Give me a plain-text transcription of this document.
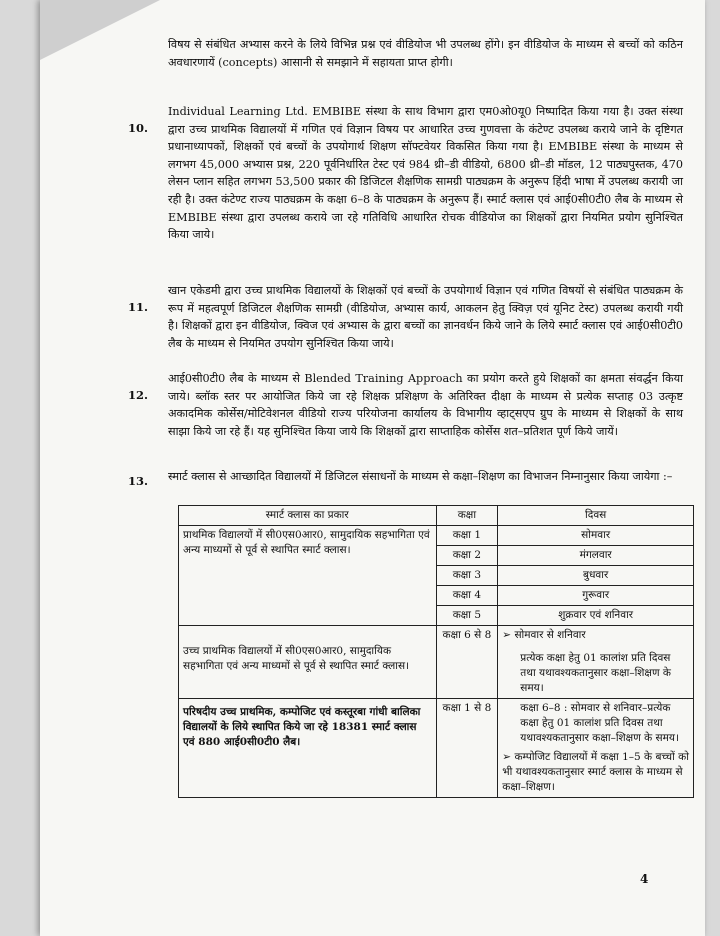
विषय से संबंधित अभ्यास करने के लिये विभिन्न प्रश्न एवं वीडियोज भी उपलब्ध होंगे। इन वीडियोज के माध्यम से बच्चों को कठिन अवधारणायें (concepts) आसानी से समझाने में सहायता प्राप्त होगी।

10.

Individual Learning Ltd. EMBIBE संस्था के साथ विभाग द्वारा एम0ओ0यू0 निष्पादित किया गया है। उक्त संस्था द्वारा उच्च प्राथमिक विद्यालयों में गणित एवं विज्ञान विषय पर आधारित उच्च गुणवत्ता के कंटेण्ट उपलब्ध कराये जाने के दृष्टिगत प्रधानाध्यापकों, शिक्षकों एवं बच्चों के उपयोगार्थ शिक्षण सॉफ्टवेयर विकसित किया गया है। EMBIBE संस्था के माध्यम से लगभग 45,000 अभ्यास प्रश्न, 220 पूर्वनिर्धारित टेस्ट एवं 984 थ्री–डी वीडियो, 6800 थ्री–डी मॉडल, 12 पाठ्यपुस्तक, 470 लेसन प्लान सहित लगभग 53,500 प्रकार की डिजिटल शैक्षणिक सामग्री पाठ्यक्रम के अनुरूप हिंदी भाषा में उपलब्ध करायी जा रही है। उक्त कंटेण्ट राज्य पाठ्यक्रम के कक्षा 6–8 के पाठ्यक्रम के अनुरूप हैं। स्मार्ट क्लास एवं आई0सी0टी0 लैब के माध्यम से EMBIBE संस्था द्वारा उपलब्ध कराये जा रहे गतिविधि आधारित रोचक वीडियोज का शिक्षकों द्वारा नियमित प्रयोग सुनिश्चित किया जाये।

11.

खान एकेडमी द्वारा उच्च प्राथमिक विद्यालयों के शिक्षकों एवं बच्चों के उपयोगार्थ विज्ञान एवं गणित विषयों से संबंधित पाठ्यक्रम के रूप में महत्वपूर्ण डिजिटल शैक्षणिक सामग्री (वीडियोज, अभ्यास कार्य, आकलन हेतु क्विज़ एवं यूनिट टेस्ट) उपलब्ध करायी गयी है। शिक्षकों द्वारा इन वीडियोज, क्विज एवं अभ्यास के द्वारा बच्चों का ज्ञानवर्धन किये जाने के लिये स्मार्ट क्लास एवं आई0सी0टी0 लैब के माध्यम से नियमित उपयोग सुनिश्चित किया जाये।

12.

आई0सी0टी0 लैब के माध्यम से Blended Training Approach का प्रयोग करते हुये शिक्षकों का क्षमता संवर्द्धन किया जाये। ब्लॉक स्तर पर आयोजित किये जा रहे शिक्षक प्रशिक्षण के अतिरिक्त दीक्षा के माध्यम से प्रत्येक सप्ताह 03 उत्कृष्ट अकादमिक कोर्सेस/मोटिवेशनल वीडियो राज्य परियोजना कार्यालय के विभागीय व्हाट्सएप ग्रुप के माध्यम से शिक्षकों के साथ साझा किये जा रहे हैं। यह सुनिश्चित किया जाये कि शिक्षकों द्वारा साप्ताहिक कोर्सेस शत–प्रतिशत पूर्ण किये जायें।

13. स्मार्ट क्लास से आच्छादित विद्यालयों में डिजिटल संसाधनों के माध्यम से कक्षा–शिक्षण का विभाजन निम्नानुसार किया जायेगा :–

स्मार्ट क्लास का प्रकार	कक्षा	दिवस
प्राथमिक विद्यालयों में सी0एस0आर0, सामुदायिक सहभागिता एवं अन्य माध्यमों से पूर्व से स्थापित स्मार्ट क्लास।	कक्षा 1	सोमवार
	कक्षा 2	मंगलवार
	कक्षा 3	बुधवार
	कक्षा 4	गुरूवार
	कक्षा 5	शुक्रवार एवं शनिवार
उच्च प्राथमिक विद्यालयों में सी0एस0आर0, सामुदायिक सहभागिता एवं अन्य माध्यमों से पूर्व से स्थापित स्मार्ट क्लास।	कक्षा 6 से 8	➢ सोमवार से शनिवार
प्रत्येक कक्षा हेतु 01 कालांश प्रति दिवस तथा यथावश्यकतानुसार कक्षा–शिक्षण के समय।

परिषदीय उच्च प्राथमिक, कम्पोजिट एवं कस्तूरबा गांधी बालिका विद्यालयों के लिये स्थापित किये जा रहे 18381 स्मार्ट क्लास एवं 880 आई0सी0टी0 लैब।	कक्षा 1 से 8	कक्षा 6–8 : सोमवार से शनिवार–प्रत्येक कक्षा हेतु 01 कालांश प्रति दिवस तथा यथावश्यकतानुसार कक्षा–शिक्षण के समय।
➢ कम्पोजिट विद्यालयों में कक्षा 1–5 के बच्चों को भी यथावश्यकतानुसार स्मार्ट क्लास के माध्यम से कक्षा–शिक्षण।
4
